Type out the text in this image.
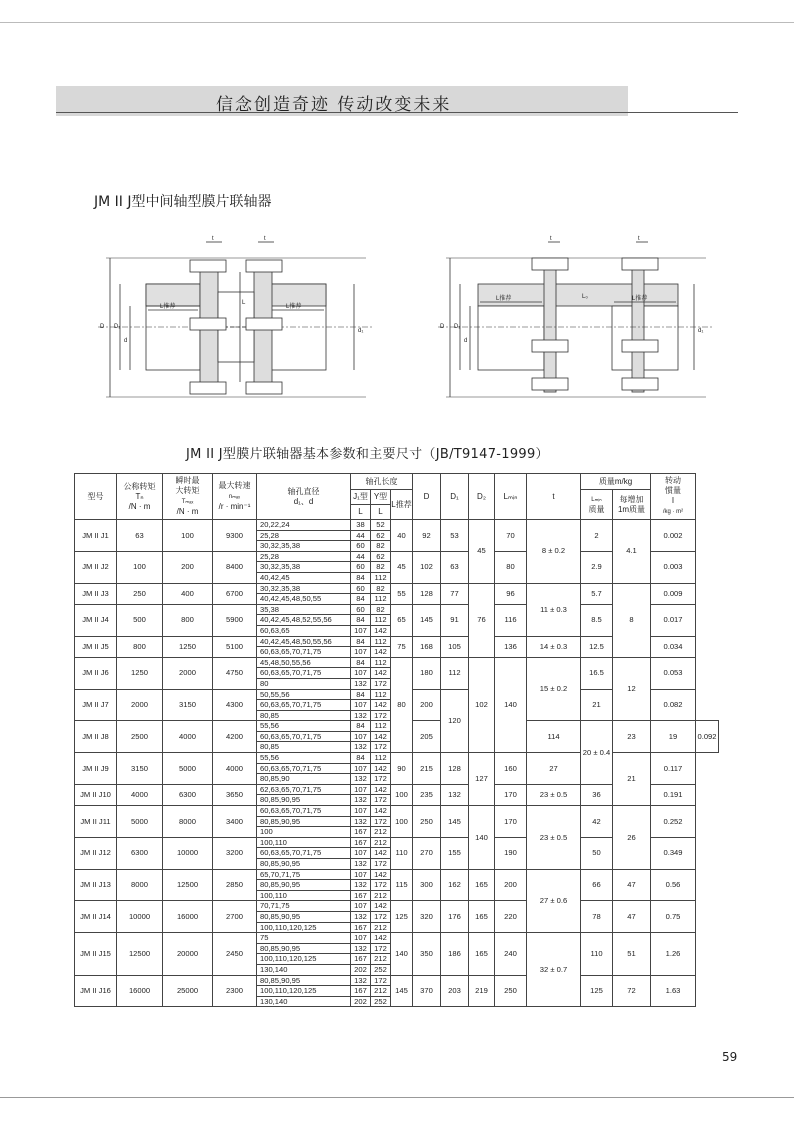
信念创造奇迹 传动改变未来
JM II J型中间轴型膜片联轴器
D D₁
d
d₁
t	t
L
L推荐	L推荐
D D₁
d
d₁
t	t
L推荐	L推荐
L₀
JM II J型膜片联轴器基本参数和主要尺寸（JB/T9147-1999）
型号	公称转矩
Tₙ
/N · m	瞬时最
大转矩
Tₘₐₓ
/N · m	最大转速
nₘₐₓ
/r · min⁻¹	轴孔直径
d₁、d	轴孔长度			D	D₁	D₂	Lₘᵢₙ	t	质量m/kg		转动
惯量
I
/kg · m²	
					J₁型	Y型	L推荐						Lₘᵢₙ
质量	每增加
1m质量		
					L	L										
JM II J1	63	100	9300	20,22,24	38	52	40	92	53	45	70	8 ± 0.2	2	4.1	0.002	
				25,28	44	62										
				30,32,35,38	60	82										
JM II J2	100	200	8400	25,28	44	62	45	102	63		80		2.9		0.003	
				30,32,35,38	60	82										
				40,42,45	84	112										
JM II J3	250	400	6700	30,32,35,38	60	82	55	128	77	76	96	11 ± 0.3	5.7	8	0.009	
				40,42,45,48,50,55	84	112										
JM II J4	500	800	5900	35,38	60	82	65	145	91		116		8.5		0.017	
				40,42,45,48,52,55,56	84	112										
				60,63,65	107	142										
JM II J5	800	1250	5100	40,42,45,48,50,55,56	84	112	75	168	105		136	14 ± 0.3	12.5		0.034	
				60,63,65,70,71,75	107	142										
JM II J6	1250	2000	4750	45,48,50,55,56	84	112	80	180	112	102	140	15 ± 0.2	16.5	12	0.053	
				60,63,65,70,71,75	107	142										
				80	132	172										
JM II J7	2000	3150	4300	50,55,56	84	112		200	120				21		0.082	
				60,63,65,70,71,75	107	142										
				80,85	132	172										
JM II J8	2500	4000	4200	55,56	84	112		205				114	20 ± 0.4	23	19	0.092
				60,63,65,70,71,75	107	142										
				80,85	132	172										
JM II J9	3150	5000	4000	55,56	84	112	90	215	128	127	160	27		21	0.117	
				60,63,65,70,71,75	107	142										
				80,85,90	132	172										
JM II J10	4000	6300	3650	62,63,65,70,71,75	107	142	100	235	132		170	23 ± 0.5	36		0.191	
				80,85,90,95	132	172										
JM II J11	5000	8000	3400	60,63,65,70,71,75	107	142	100	250	145	140	170	23 ± 0.5	42	26	0.252	
				80,85,90,95	132	172										
				100	167	212										
JM II J12	6300	10000	3200	100,110	167	212	110	270	155		190		50		0.349	
				60,63,65,70,71,75	107	142										
				80,85,90,95	132	172										
JM II J13	8000	12500	2850	65,70,71,75	107	142	115	300	162	165	200	27 ± 0.6	66	47	0.56	
				80,85,90,95	132	172										
				100,110	167	212										
JM II J14	10000	16000	2700	70,71,75	107	142	125	320	176	165	220		78	47	0.75	
				80,85,90,95	132	172										
				100,110,120,125	167	212										
JM II J15	12500	20000	2450	75	107	142	140	350	186	165	240	32 ± 0.7	110	51	1.26	
				80,85,90,95	132	172										
				100,110,120,125	167	212										
				130,140	202	252										
JM II J16	16000	25000	2300	80,85,90,95	132	172	145	370	203	219	250		125	72	1.63	
				100,110,120,125	167	212										
				130,140	202	252										
59
